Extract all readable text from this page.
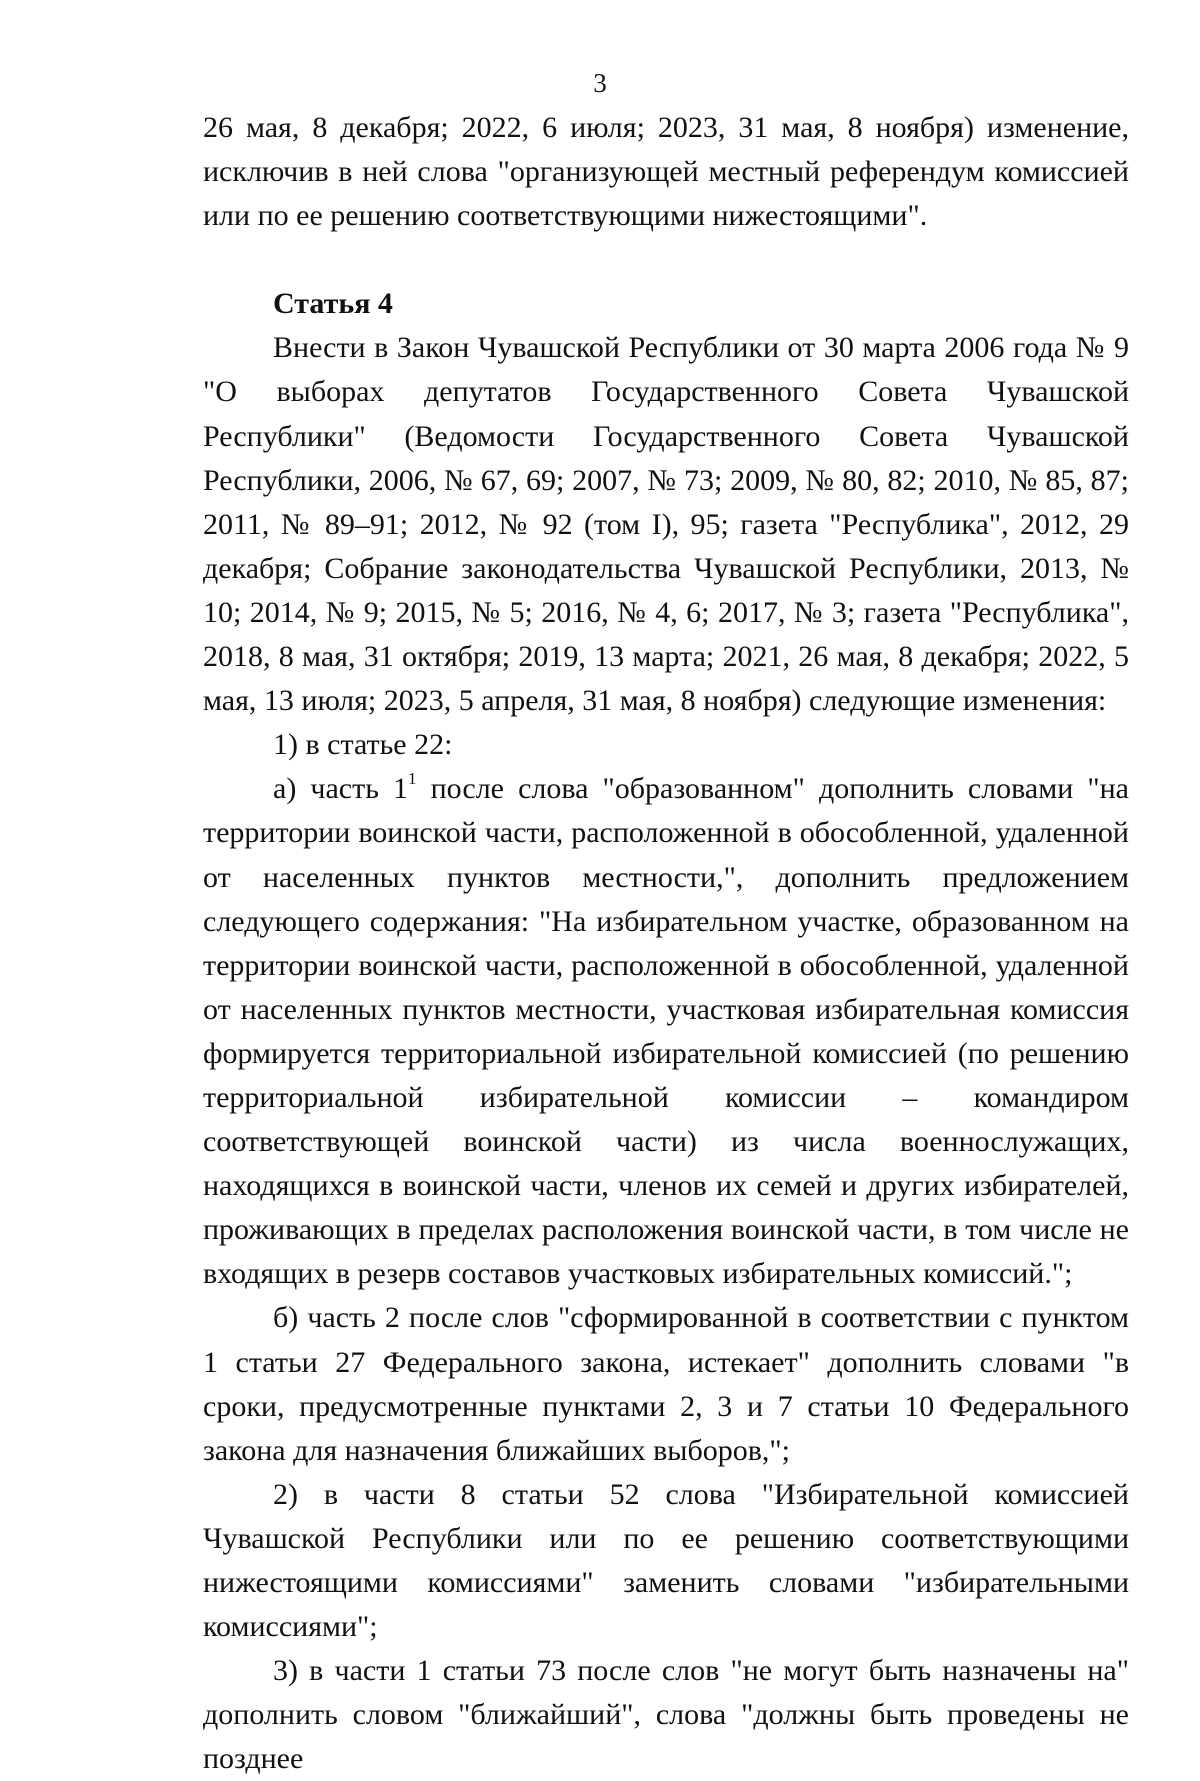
3

26 мая, 8 декабря; 2022, 6 июля; 2023, 31 мая, 8 ноября) изменение, исключив в ней слова "организующей местный референдум комиссией или по ее решению соответствующими нижестоящими".

Статья 4

Внести в Закон Чувашской Республики от 30 марта 2006 года № 9 "О выборах депутатов Государственного Совета Чувашской Республики" (Ведомости Государственного Совета Чувашской Республики, 2006, № 67, 69; 2007, № 73; 2009, № 80, 82; 2010, № 85, 87; 2011, № 89–91; 2012, № 92 (том I), 95; газета "Республика", 2012, 29 декабря; Собрание законодательства Чувашской Республики, 2013, № 10; 2014, № 9; 2015, № 5; 2016, № 4, 6; 2017, № 3; газета "Республика", 2018, 8 мая, 31 октября; 2019, 13 марта; 2021, 26 мая, 8 декабря; 2022, 5 мая, 13 июля; 2023, 5 апреля, 31 мая, 8 ноября) следующие изменения:

1) в статье 22:

а) часть $1^1$ после слова "образованном" дополнить словами "на территории воинской части, расположенной в обособленной, удаленной от населенных пунктов местности,", дополнить предложением следующего содержания: "На избирательном участке, образованном на территории воинской части, расположенной в обособленной, удаленной от населенных пунктов местности, участковая избирательная комиссия формируется территориальной избирательной комиссией (по решению территориальной избирательной комиссии – командиром соответствующей воинской части) из числа военнослужащих, находящихся в воинской части, членов их семей и других избирателей, проживающих в пределах расположения воинской части, в том числе не входящих в резерв составов участковых избирательных комиссий.";

б) часть 2 после слов "сформированной в соответствии с пунктом 1 статьи 27 Федерального закона, истекает" дополнить словами "в сроки, предусмотренные пунктами 2, 3 и 7 статьи 10 Федерального закона для назначения ближайших выборов,";

2) в части 8 статьи 52 слова "Избирательной комиссией Чувашской Республики или по ее решению соответствующими нижестоящими комиссиями" заменить словами "избирательными комиссиями";

3) в части 1 статьи 73 после слов "не могут быть назначены на" дополнить словом "ближайший", слова "должны быть проведены не позднее
